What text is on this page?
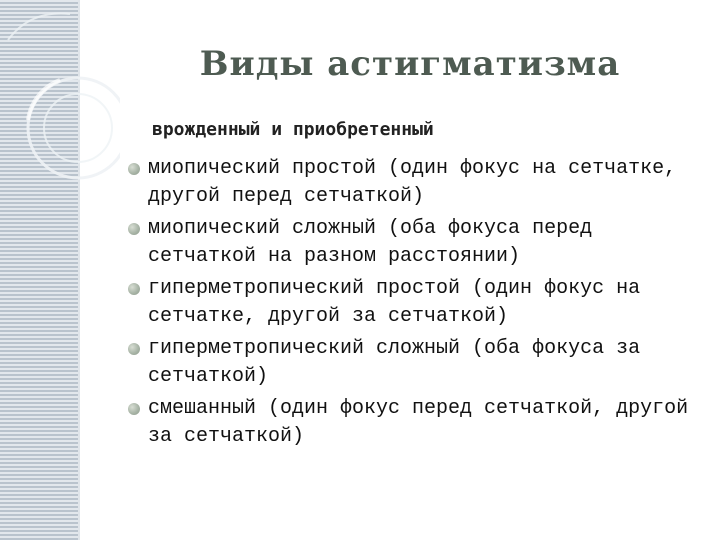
Виды астигматизма
врожденный и приобретенный
миопический простой (один фокус на сетчатке, другой перед сетчаткой)
миопический сложный (оба фокуса перед сетчаткой на разном расстоянии)
гиперметропический простой (один фокус на сетчатке, другой за сетчаткой)
гиперметропический сложный (оба фокуса за сетчаткой)
смешанный (один фокус перед сетчаткой, другой за сетчаткой)
